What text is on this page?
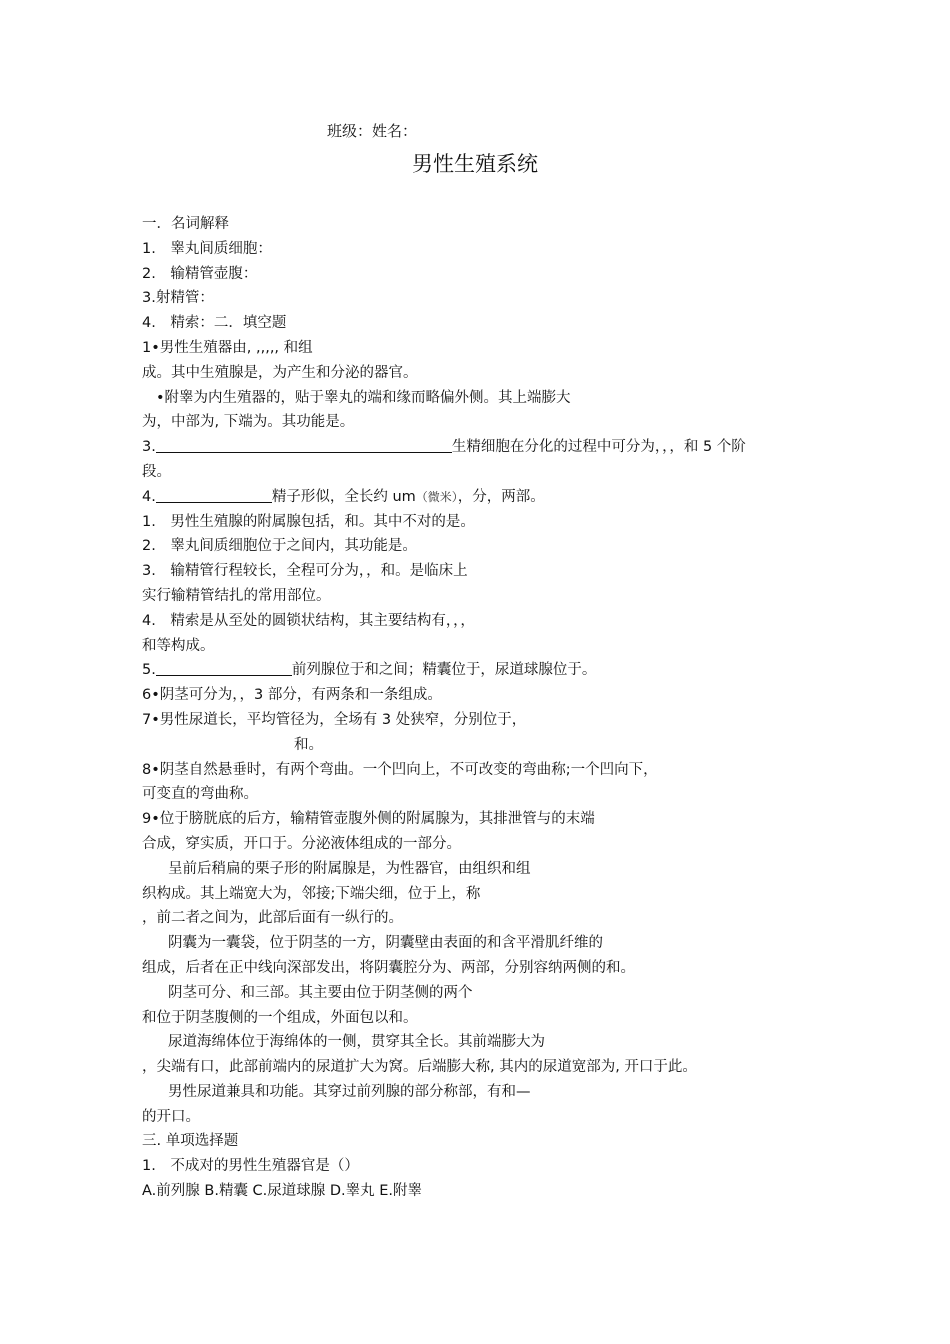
班级：姓名：
男性生殖系统
一．名词解释
1.　睾丸间质细胞：
2.　输精管壶腹：
3.射精管：
4.　精索：二．填空题
1•男性生殖器由, ,,,,, 和组
成。其中生殖腺是，为产生和分泌的器官。
•附睾为内生殖器的，贴于睾丸的端和缘而略偏外侧。其上端膨大
为，中部为, 下端为。其功能是。
3.	生精细胞在分化的过程中可分为，，，和 5 个阶
段。
4.	精子形似，全长约 um（微米），分，两部。
1.　男性生殖腺的附属腺包括，和。其中不对的是。
2.　睾丸间质细胞位于之间内，其功能是。
3.　输精管行程较长，全程可分为，，和。是临床上
实行输精管结扎的常用部位。
4.　精索是从至处的圆锁状结构，其主要结构有，，，
和等构成。
5.	前列腺位于和之间；精囊位于，尿道球腺位于。
6•阴茎可分为，，3 部分，有两条和一条组成。
7•男性尿道长，平均管径为，全场有 3 处狭窄，分别位于，
和。
8•阴茎自然悬垂时，有两个弯曲。一个凹向上，不可改变的弯曲称;一个凹向下，
可变直的弯曲称。
9•位于膀胱底的后方，输精管壶腹外侧的附属腺为，其排泄管与的末端
合成，穿实质，开口于。分泌液体组成的一部分。
呈前后稍扁的栗子形的附属腺是，为性器官，由组织和组
织构成。其上端宽大为，邻接;下端尖细，位于上，称
，前二者之间为，此部后面有一纵行的。
阴囊为一囊袋，位于阴茎的一方，阴囊壁由表面的和含平滑肌纤维的
组成，后者在正中线向深部发出，将阴囊腔分为、两部，分别容纳两侧的和。
阴茎可分、和三部。其主要由位于阴茎侧的两个
和位于阴茎腹侧的一个组成，外面包以和。
尿道海绵体位于海绵体的一侧，贯穿其全长。其前端膨大为
，尖端有口，此部前端内的尿道扩大为窝。后端膨大称, 其内的尿道宽部为, 开口于此。
男性尿道兼具和功能。其穿过前列腺的部分称部，有和—
的开口。
三. 单项选择题
1.　不成对的男性生殖器官是（）
A.前列腺 B.精囊 C.尿道球腺 D.睾丸 E.附睾
